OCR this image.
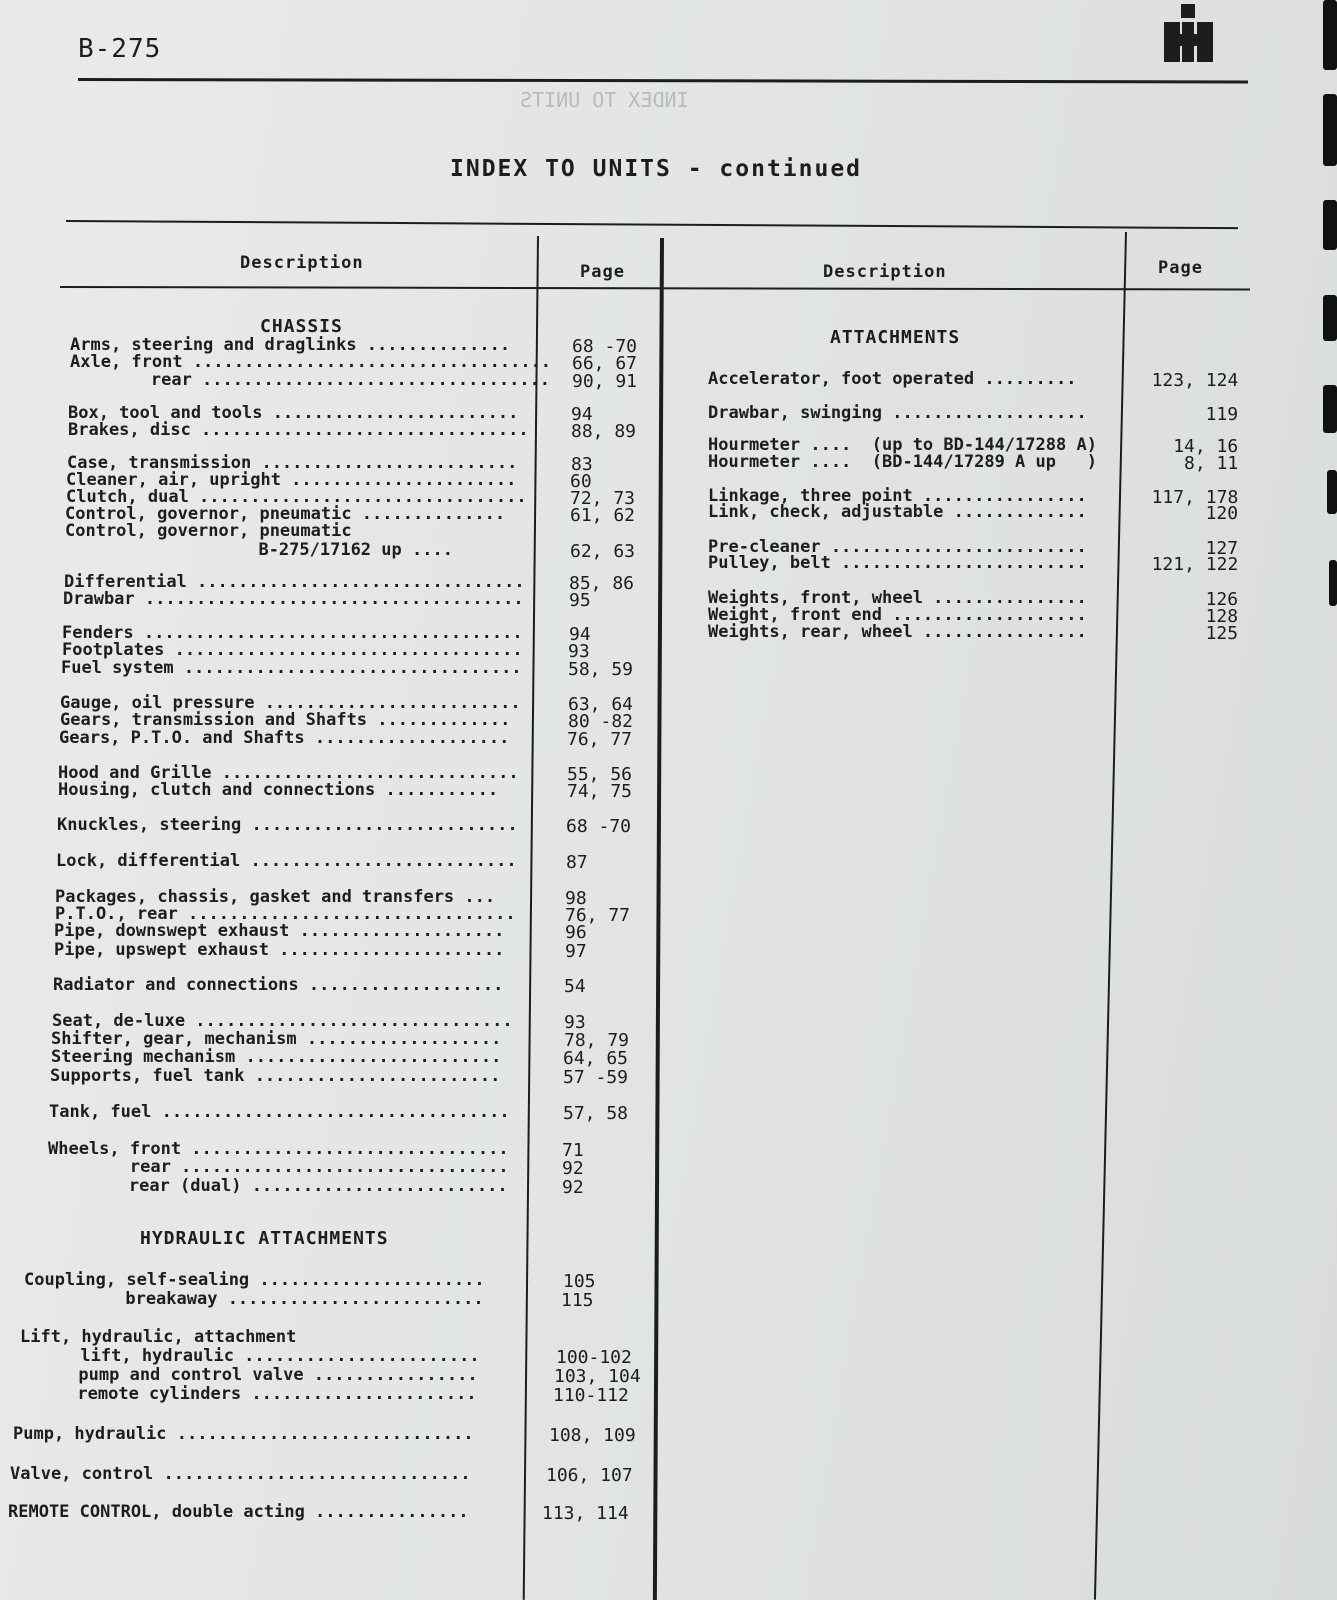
B-275
INDEX TO UNITS - continued
INDEX TO UNITS
Description	Page	Description	Page
CHASSIS
HYDRAULIC ATTACHMENTS
ATTACHMENTS
Arms, steering and draglinks ..............	68 -70
Axle, front ................................... 66, 67
rear .................................. 90, 91
Box, tool and tools ........................	94
Brakes, disc ................................ 88, 89
Case, transmission .........................	83
Cleaner, air, upright ......................	60
Clutch, dual ................................ 72, 73
Control, governor, pneumatic ..............	61, 62
Control, governor, pneumatic
B-275/17162 up ....	62, 63
Differential ................................ 85, 86
Drawbar .....................................	95
Fenders .....................................	94
Footplates ..................................	93
Fuel system .................................	58, 59
Gauge, oil pressure .........................	63, 64
Gears, transmission and Shafts .............	80 -82
Gears, P.T.O. and Shafts ...................	76, 77
Hood and Grille .............................	55, 56
Housing, clutch and connections ...........	74, 75
Knuckles, steering ..........................	68 -70
Lock, differential ..........................	87
Packages, chassis, gasket and transfers ...	98
P.T.O., rear ................................	76, 77
Pipe, downswept exhaust ....................	96
Pipe, upswept exhaust ......................	97
Radiator and connections ...................	54
Seat, de-luxe ...............................	93
Shifter, gear, mechanism ...................	78, 79
Steering mechanism .........................	64, 65
Supports, fuel tank ........................	57 -59
Tank, fuel ..................................	57, 58
Wheels, front ...............................	71
rear ................................	92
rear (dual) .........................	92
Coupling, self-sealing ......................	105
breakaway .........................	115
Lift, hydraulic, attachment
lift, hydraulic .......................	100-102
pump and control valve ................	103, 104
remote cylinders ......................	110-112
Pump, hydraulic .............................	108, 109
Valve, control ..............................	106, 107
REMOTE CONTROL, double acting ...............	113, 114
Accelerator, foot operated .........	123, 124
Drawbar, swinging ...................	119
Hourmeter ....  (up to BD-144/17288 A)	14, 16
Hourmeter ....  (BD-144/17289 A up   )	8, 11
Linkage, three point ................	117, 178
Link, check, adjustable .............	120
Pre-cleaner .........................	127
Pulley, belt ........................	121, 122
Weights, front, wheel ...............	126
Weight, front end ...................	128
Weights, rear, wheel ................	125
